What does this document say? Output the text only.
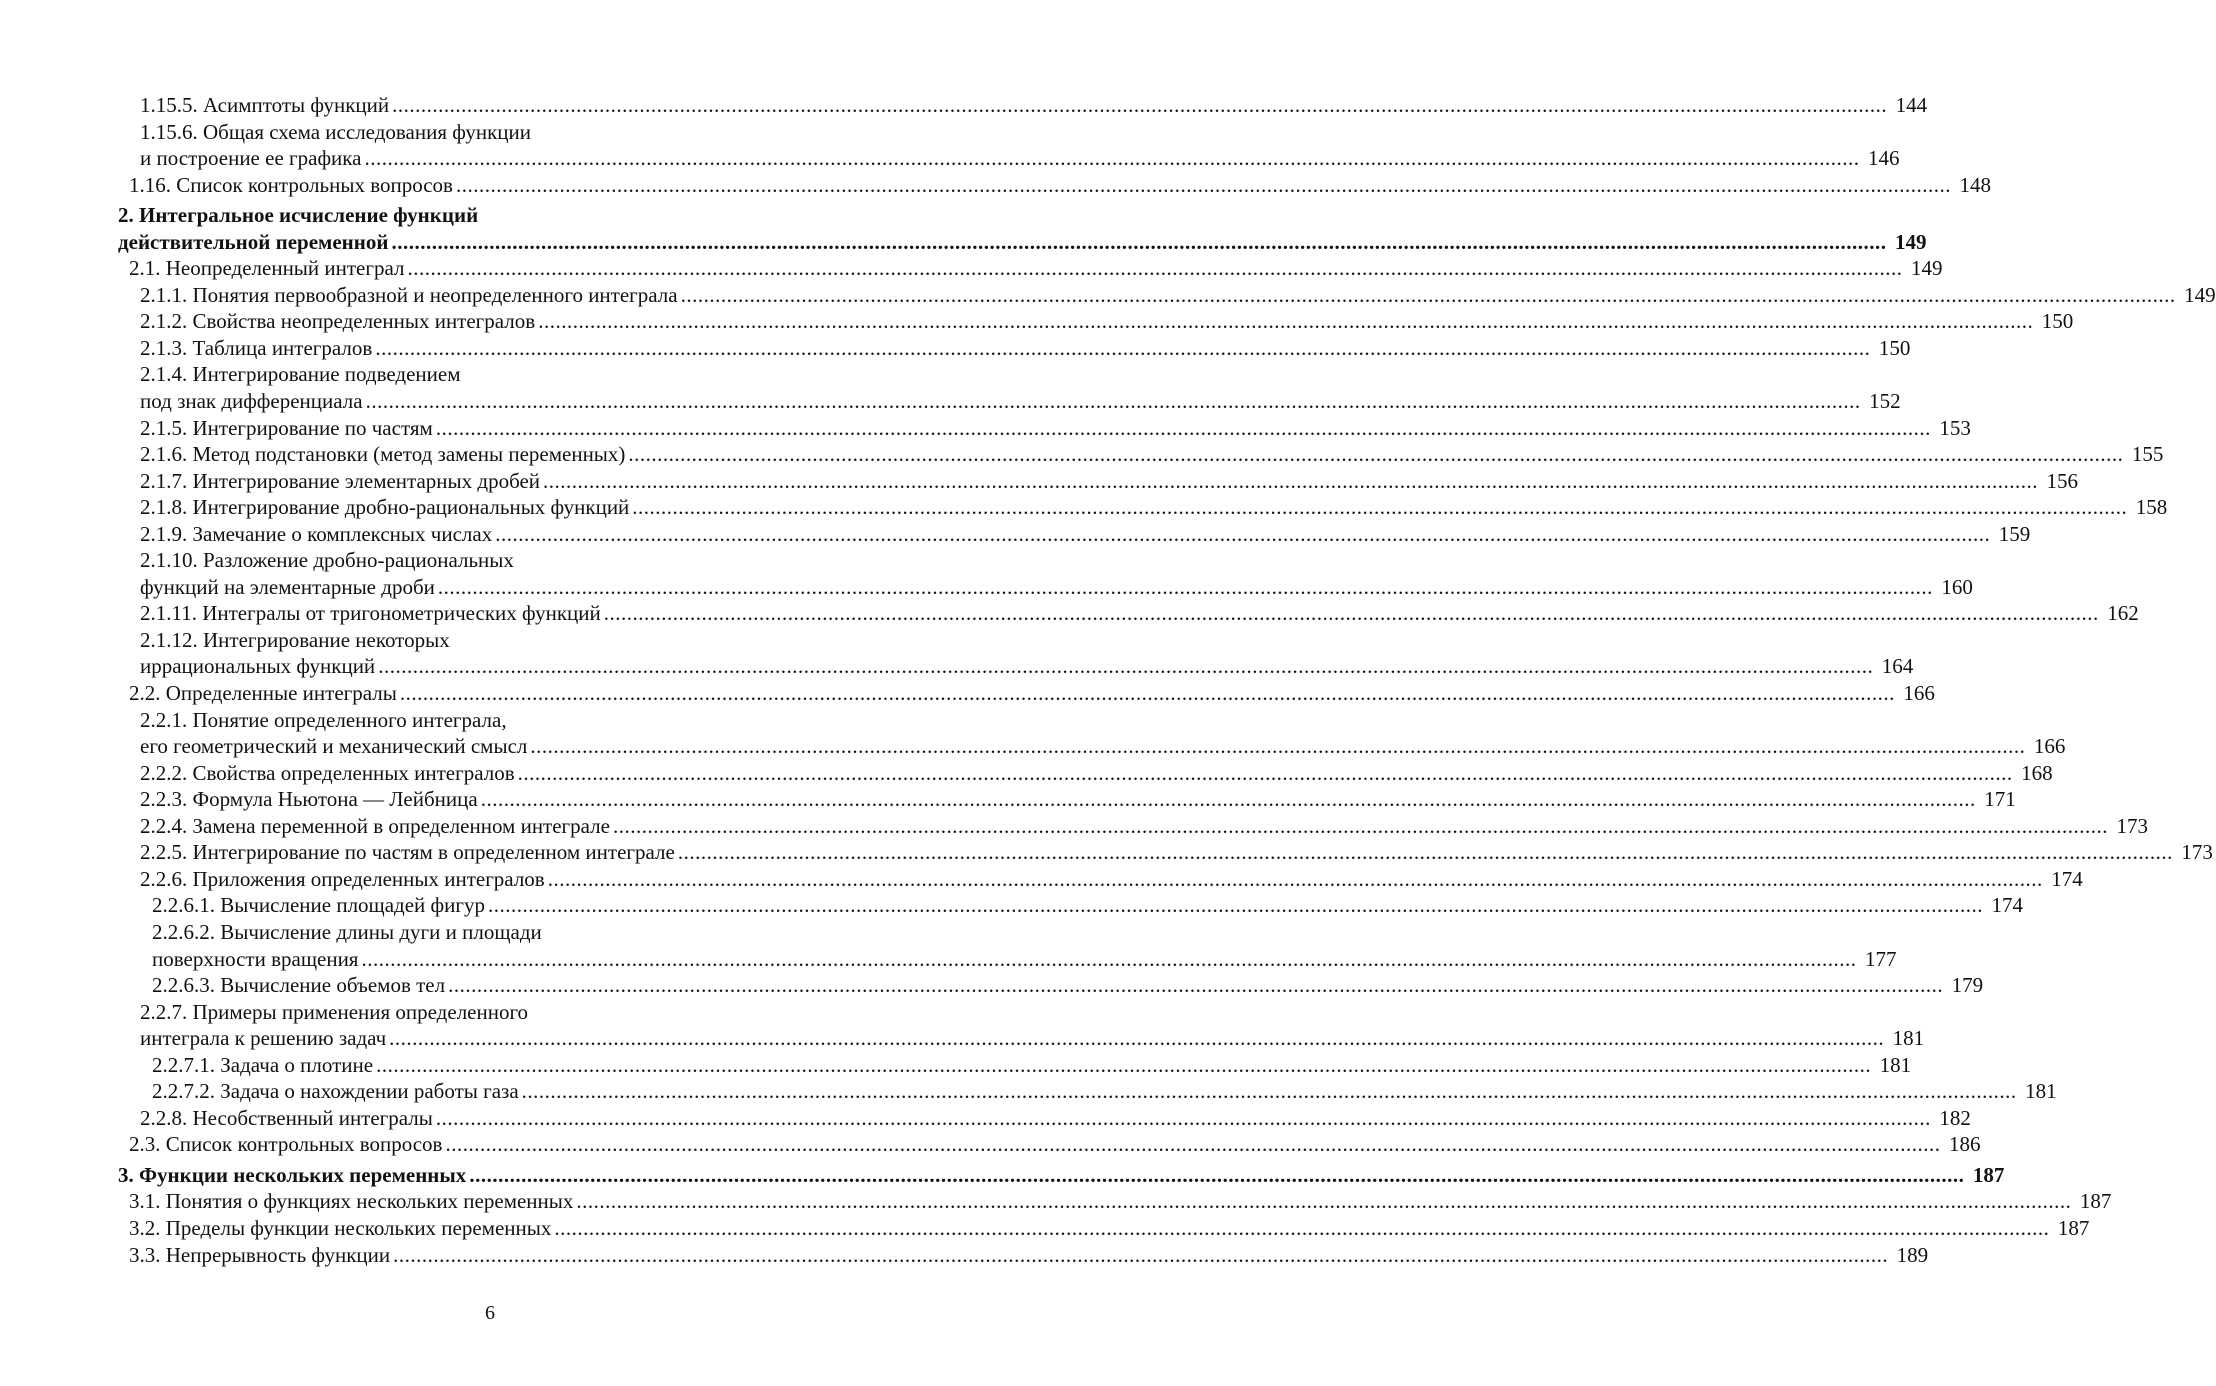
1.15.5. Асимптоты функций .................................................................................................................................................................................................................................................................... 144
1.15.6. Общая схема исследования функции
и построение ее графика .................................................................................................................................................................................................................................................................... 146
1.16. Список контрольных вопросов .................................................................................................................................................................................................................................................................... 148
2. Интегральное исчисление функций
действительной переменной .................................................................................................................................................................................................................................................................... 149
2.1. Неопределенный интеграл .................................................................................................................................................................................................................................................................... 149
2.1.1. Понятия первообразной и неопределенного интеграла .................................................................................................................................................................................................................................................................... 149
2.1.2. Свойства неопределенных интегралов .................................................................................................................................................................................................................................................................... 150
2.1.3. Таблица интегралов .................................................................................................................................................................................................................................................................... 150
2.1.4. Интегрирование подведением
под знак дифференциала .................................................................................................................................................................................................................................................................... 152
2.1.5. Интегрирование по частям .................................................................................................................................................................................................................................................................... 153
2.1.6. Метод подстановки (метод замены переменных) .................................................................................................................................................................................................................................................................... 155
2.1.7. Интегрирование элементарных дробей .................................................................................................................................................................................................................................................................... 156
2.1.8. Интегрирование дробно-рациональных функций .................................................................................................................................................................................................................................................................... 158
2.1.9. Замечание о комплексных числах .................................................................................................................................................................................................................................................................... 159
2.1.10. Разложение дробно-рациональных
функций на элементарные дроби .................................................................................................................................................................................................................................................................... 160
2.1.11. Интегралы от тригонометрических функций .................................................................................................................................................................................................................................................................... 162
2.1.12. Интегрирование некоторых
иррациональных функций .................................................................................................................................................................................................................................................................... 164
2.2. Определенные интегралы .................................................................................................................................................................................................................................................................... 166
2.2.1. Понятие определенного интеграла,
его геометрический и механический смысл .................................................................................................................................................................................................................................................................... 166
2.2.2. Свойства определенных интегралов .................................................................................................................................................................................................................................................................... 168
2.2.3. Формула Ньютона — Лейбница .................................................................................................................................................................................................................................................................... 171
2.2.4. Замена переменной в определенном интеграле .................................................................................................................................................................................................................................................................... 173
2.2.5. Интегрирование по частям в определенном интеграле .................................................................................................................................................................................................................................................................... 173
2.2.6. Приложения определенных интегралов .................................................................................................................................................................................................................................................................... 174
2.2.6.1. Вычисление площадей фигур .................................................................................................................................................................................................................................................................... 174
2.2.6.2. Вычисление длины дуги и площади
поверхности вращения .................................................................................................................................................................................................................................................................... 177
2.2.6.3. Вычисление объемов тел .................................................................................................................................................................................................................................................................... 179
2.2.7. Примеры применения определенного
интеграла к решению задач .................................................................................................................................................................................................................................................................... 181
2.2.7.1. Задача о плотине .................................................................................................................................................................................................................................................................... 181
2.2.7.2. Задача о нахождении работы газа .................................................................................................................................................................................................................................................................... 181
2.2.8. Несобственный интегралы .................................................................................................................................................................................................................................................................... 182
2.3. Список контрольных вопросов .................................................................................................................................................................................................................................................................... 186
3. Функции нескольких переменных .................................................................................................................................................................................................................................................................... 187
3.1. Понятия о функциях нескольких переменных .................................................................................................................................................................................................................................................................... 187
3.2. Пределы функции нескольких переменных .................................................................................................................................................................................................................................................................... 187
3.3. Непрерывность функции .................................................................................................................................................................................................................................................................... 189
6
